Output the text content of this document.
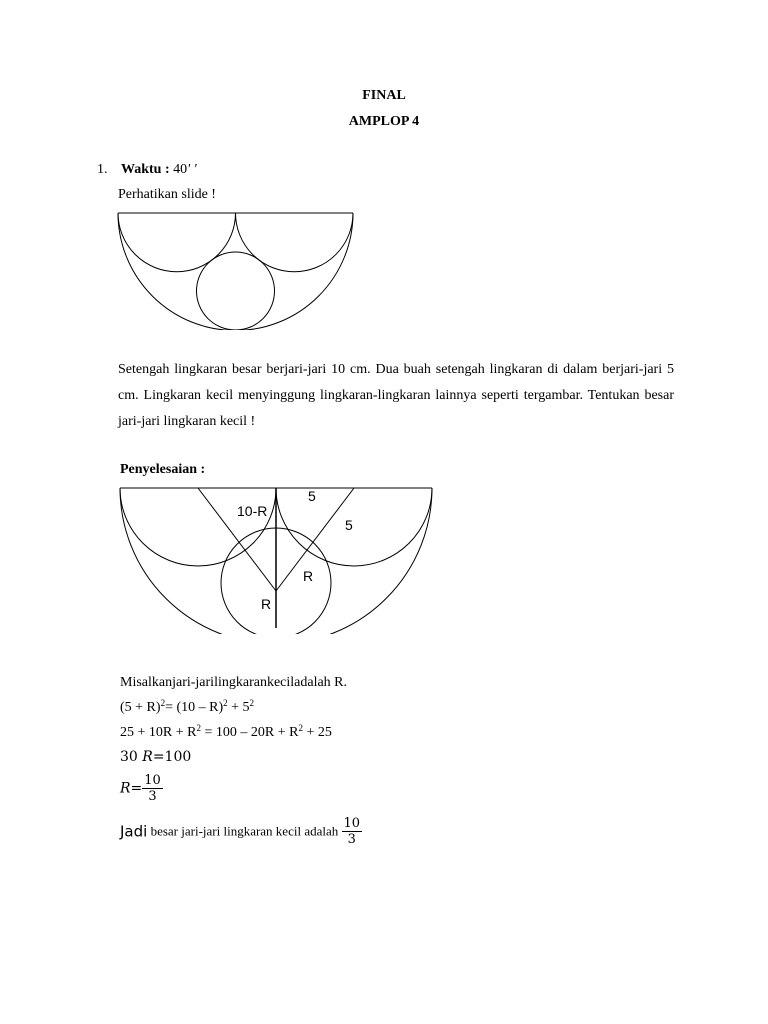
FINAL
AMPLOP 4
1. Waktu : 40' '
Perhatikan slide !
Setengah lingkaran besar berjari-jari 10 cm. Dua buah setengah lingkaran di dalam berjari-jari 5 cm. Lingkaran kecil menyinggung lingkaran-lingkaran lainnya seperti tergambar. Tentukan besar jari-jari lingkaran kecil !
Penyelesaian :
10-R
5
5
R
R
Misalkanjari-jarilingkarankeciladalah R.
$(5 + R)^2= (10 - R)^2 + 5^2$
$25 + 10R + R^2 = 100 - 20R + R^2 + 25$
30 R=100
$R= \frac{10}{3}$
Jadi besar jari-jari lingkaran kecil adalah $\frac{10}{3}$
